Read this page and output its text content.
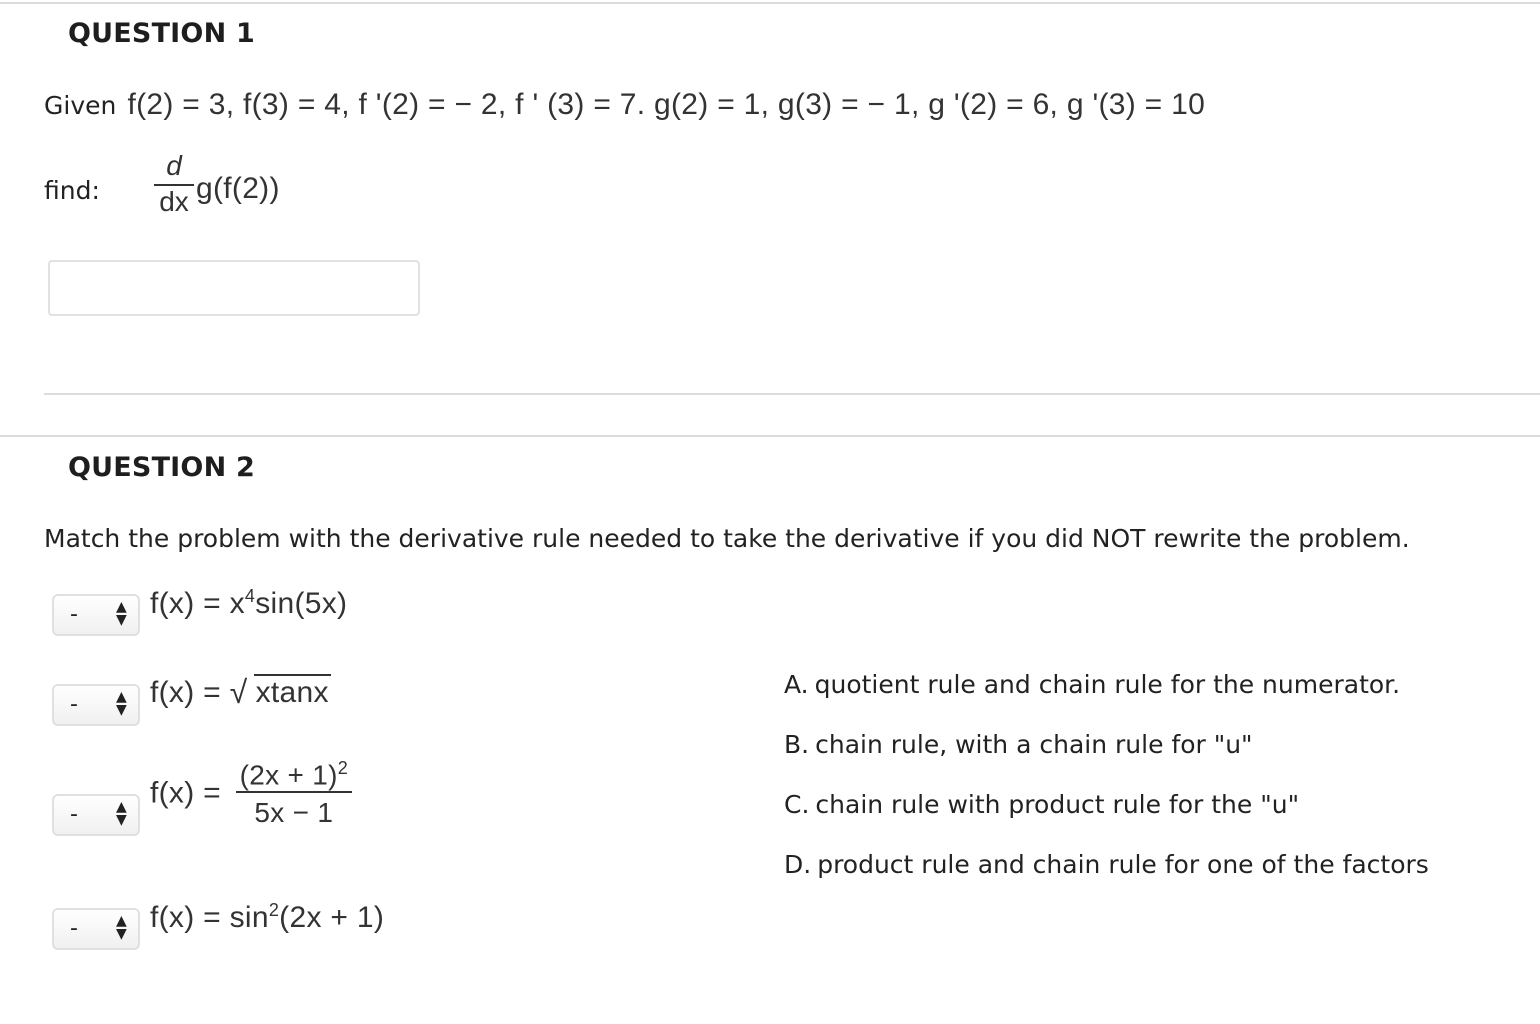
QUESTION 1
Given f(2) = 3, f(3) = 4, f '(2) = − 2, f ' (3) = 7. g(2) = 1, g(3) = − 1, g '(2) = 6, g '(3) = 10
find:
d
dx g(f(2))
QUESTION 2
Match the problem with the derivative rule needed to take the derivative if you did NOT rewrite the problem.
-	▲
▼ $f(x) = x^4\sin(5x)$
-	▲
▼
f(x) = √ xtanx
-	▲
▼
$f(x) = \frac{(2x + 1)^2}{5x - 1}$
-	▲
▼ $f(x) = \sin^2(2x + 1)$
A. quotient rule and chain rule for the numerator.
B. chain rule, with a chain rule for "u"
C. chain rule with product rule for the "u"
D. product rule and chain rule for one of the factors
